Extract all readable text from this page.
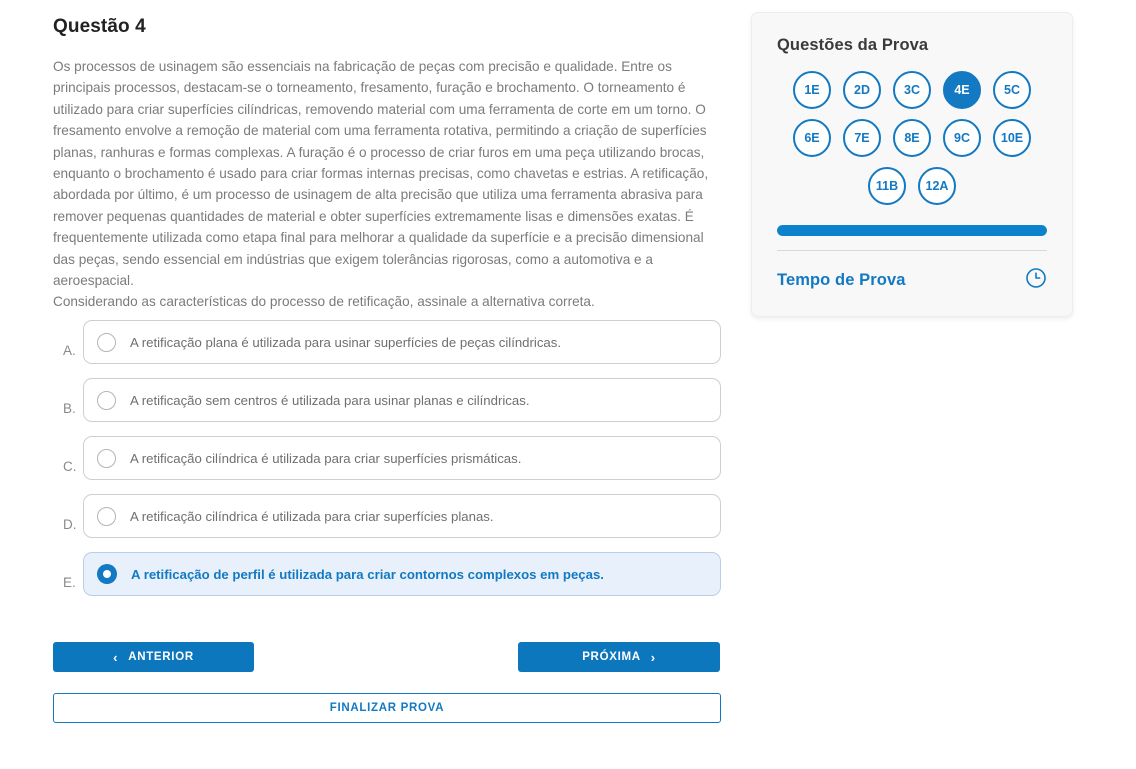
Questão 4

Os processos de usinagem são essenciais na fabricação de peças com precisão e qualidade. Entre os principais processos, destacam-se o torneamento, fresamento, furação e brochamento. O torneamento é utilizado para criar superfícies cilíndricas, removendo material com uma ferramenta de corte em um torno. O fresamento envolve a remoção de material com uma ferramenta rotativa, permitindo a criação de superfícies planas, ranhuras e formas complexas. A furação é o processo de criar furos em uma peça utilizando brocas, enquanto o brochamento é usado para criar formas internas precisas, como chavetas e estrias. A retificação, abordada por último, é um processo de usinagem de alta precisão que utiliza uma ferramenta abrasiva para remover pequenas quantidades de material e obter superfícies extremamente lisas e dimensões exatas. É frequentemente utilizada como etapa final para melhorar a qualidade da superfície e a precisão dimensional das peças, sendo essencial em indústrias que exigem tolerâncias rigorosas, como a automotiva e a aeroespacial.

Considerando as características do processo de retificação, assinale a alternativa correta.

A.
A retificação plana é utilizada para usinar superfícies de peças cilíndricas.
B.
A retificação sem centros é utilizada para usinar planas e cilíndricas.
C.
A retificação cilíndrica é utilizada para criar superfícies prismáticas.
D.
A retificação cilíndrica é utilizada para criar superfícies planas.
E.
A retificação de perfil é utilizada para criar contornos complexos em peças.
‹ ANTERIOR	PRÓXIMA ›
FINALIZAR PROVA
Questões da Prova
1E	2D	3C	4E	5C
6E	7E	8E	9C	10E
11B	12A
Tempo de Prova
